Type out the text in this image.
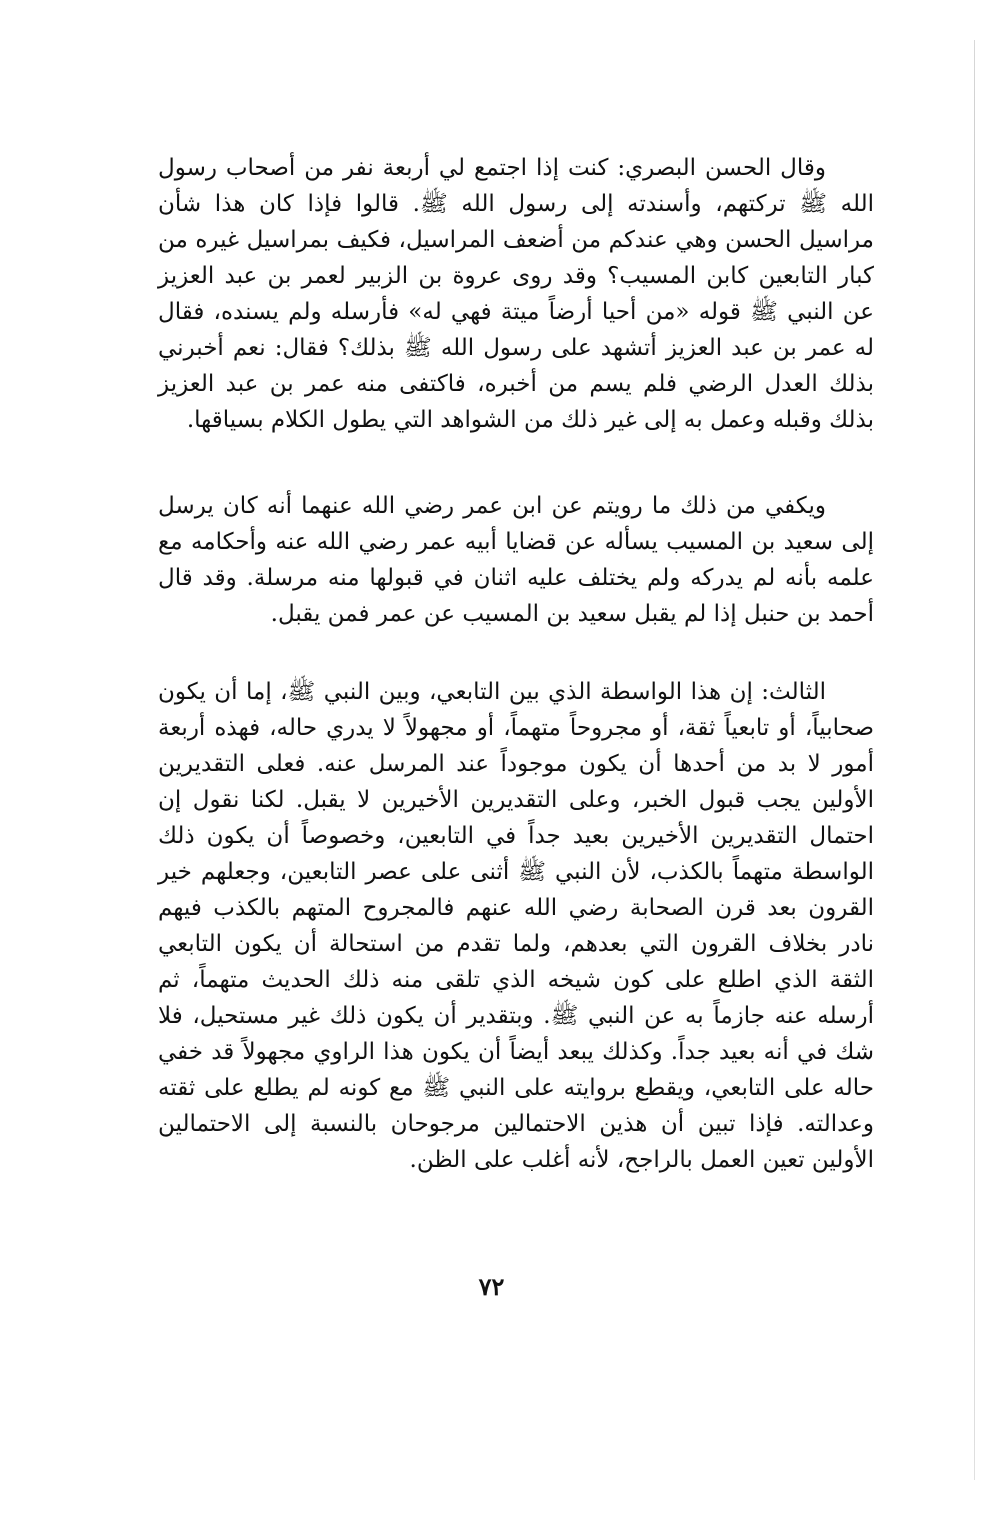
وقال الحسن البصري: كنت إذا اجتمع لي أربعة نفر من أصحاب رسول الله ﷺ تركتهم، وأسندته إلى رسول الله ﷺ. قالوا فإذا كان هذا شأن مراسيل الحسن وهي عندكم من أضعف المراسيل، فكيف بمراسيل غيره من كبار التابعين كابن المسيب؟ وقد روى عروة بن الزبير لعمر بن عبد العزيز عن النبي ﷺ قوله «من أحيا أرضاً ميتة فهي له» فأرسله ولم يسنده، فقال له عمر بن عبد العزيز أتشهد على رسول الله ﷺ بذلك؟ فقال: نعم أخبرني بذلك العدل الرضي فلم يسم من أخبره، فاكتفى منه عمر بن عبد العزيز بذلك وقبله وعمل به إلى غير ذلك من الشواهد التي يطول الكلام بسياقها.

ويكفي من ذلك ما رويتم عن ابن عمر رضي الله عنهما أنه كان يرسل إلى سعيد بن المسيب يسأله عن قضايا أبيه عمر رضي الله عنه وأحكامه مع علمه بأنه لم يدركه ولم يختلف عليه اثنان في قبولها منه مرسلة. وقد قال أحمد بن حنبل إذا لم يقبل سعيد بن المسيب عن عمر فمن يقبل.

الثالث: إن هذا الواسطة الذي بين التابعي، وبين النبي ﷺ، إما أن يكون صحابياً، أو تابعياً ثقة، أو مجروحاً متهماً، أو مجهولاً لا يدري حاله، فهذه أربعة أمور لا بد من أحدها أن يكون موجوداً عند المرسل عنه. فعلى التقديرين الأولين يجب قبول الخبر، وعلى التقديرين الأخيرين لا يقبل. لكنا نقول إن احتمال التقديرين الأخيرين بعيد جداً في التابعين، وخصوصاً أن يكون ذلك الواسطة متهماً بالكذب، لأن النبي ﷺ أثنى على عصر التابعين، وجعلهم خير القرون بعد قرن الصحابة رضي الله عنهم فالمجروح المتهم بالكذب فيهم نادر بخلاف القرون التي بعدهم، ولما تقدم من استحالة أن يكون التابعي الثقة الذي اطلع على كون شيخه الذي تلقى منه ذلك الحديث متهماً، ثم أرسله عنه جازماً به عن النبي ﷺ. وبتقدير أن يكون ذلك غير مستحيل، فلا شك في أنه بعيد جداً. وكذلك يبعد أيضاً أن يكون هذا الراوي مجهولاً قد خفي حاله على التابعي، ويقطع بروايته على النبي ﷺ مع كونه لم يطلع على ثقته وعدالته. فإذا تبين أن هذين الاحتمالين مرجوحان بالنسبة إلى الاحتمالين الأولين تعين العمل بالراجح، لأنه أغلب على الظن.

٧٢
